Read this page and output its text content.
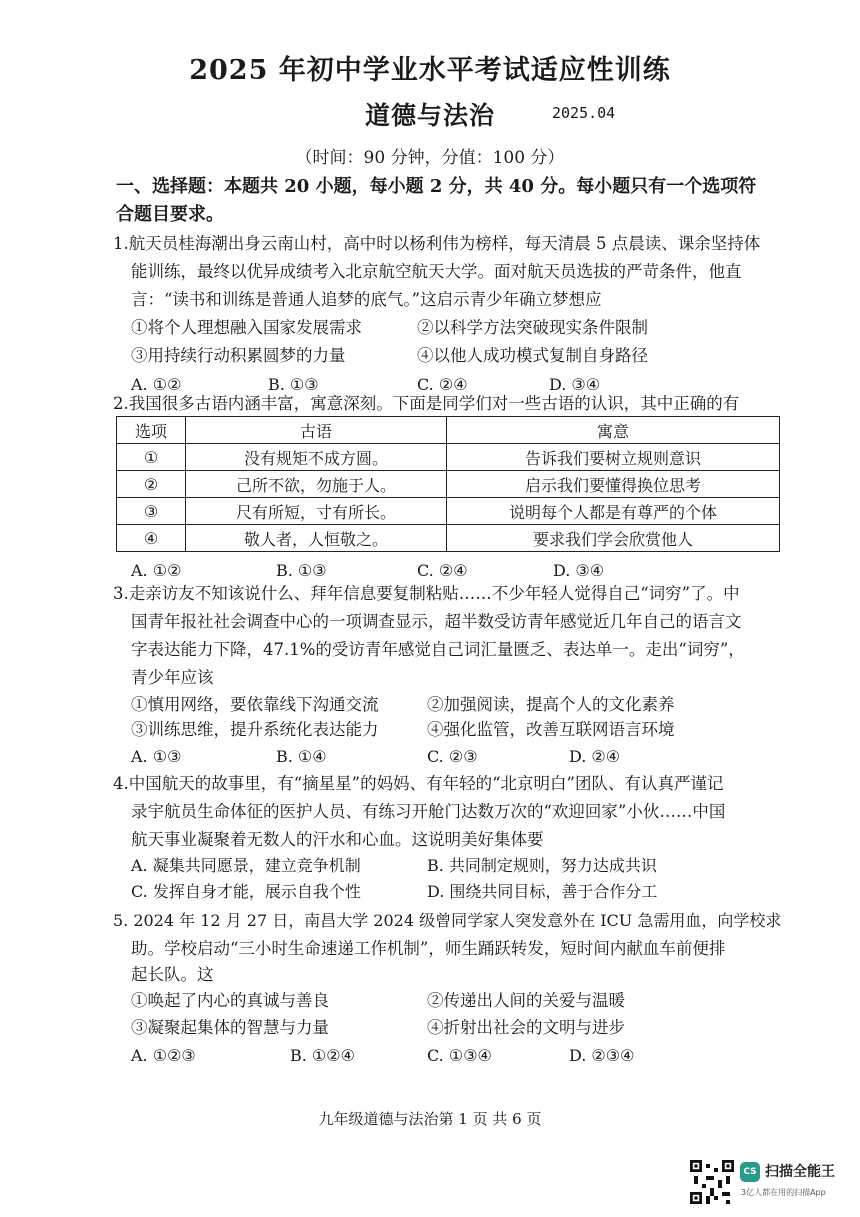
2025 年初中学业水平考试适应性训练
道德与法治	2025.04
（时间：90 分钟，分值：100 分）
一、选择题：本题共 20 小题，每小题 2 分，共 40 分。每小题只有一个选项符
合题目要求。
1.航天员桂海潮出身云南山村，高中时以杨利伟为榜样，每天清晨 5 点晨读、课余坚持体
能训练，最终以优异成绩考入北京航空航天大学。面对航天员选拔的严苛条件，他直
言：“读书和训练是普通人追梦的底气。”这启示青少年确立梦想应
①将个人理想融入国家发展需求	②以科学方法突破现实条件限制
③用持续行动积累圆梦的力量	④以他人成功模式复制自身路径
A. ①②	B. ①③	C. ②④	D. ③④
2.我国很多古语内涵丰富，寓意深刻。下面是同学们对一些古语的认识，其中正确的有
选项	古语	寓意
①	没有规矩不成方圆。	告诉我们要树立规则意识
②	己所不欲，勿施于人。	启示我们要懂得换位思考
③	尺有所短，寸有所长。	说明每个人都是有尊严的个体
④	敬人者，人恒敬之。	要求我们学会欣赏他人
A. ①②	B. ①③	C. ②④	D. ③④
3.走亲访友不知该说什么、拜年信息要复制粘贴……不少年轻人觉得自己“词穷”了。中
国青年报社社会调查中心的一项调查显示，超半数受访青年感觉近几年自己的语言文
字表达能力下降，47.1%的受访青年感觉自己词汇量匮乏、表达单一。走出“词穷”，
青少年应该
①慎用网络，要依靠线下沟通交流	②加强阅读，提高个人的文化素养
③训练思维，提升系统化表达能力	④强化监管，改善互联网语言环境
A. ①③	B. ①④	C. ②③	D. ②④
4.中国航天的故事里，有“摘星星”的妈妈、有年轻的“北京明白”团队、有认真严谨记
录宇航员生命体征的医护人员、有练习开舱门达数万次的“欢迎回家”小伙……中国
航天事业凝聚着无数人的汗水和心血。这说明美好集体要
A. 凝集共同愿景，建立竞争机制	B. 共同制定规则，努力达成共识
C. 发挥自身才能，展示自我个性	D. 围绕共同目标，善于合作分工
5. 2024 年 12 月 27 日，南昌大学 2024 级曾同学家人突发意外在 ICU 急需用血，向学校求
助。学校启动“三小时生命速递工作机制”，师生踊跃转发，短时间内献血车前便排
起长队。这
①唤起了内心的真诚与善良	②传递出人间的关爱与温暖
③凝聚起集体的智慧与力量	④折射出社会的文明与进步
A. ①②③	B. ①②④	C. ①③④	D. ②③④
九年级道德与法治第 1 页 共 6 页
CS 扫描全能王
3亿人都在用的扫描App
